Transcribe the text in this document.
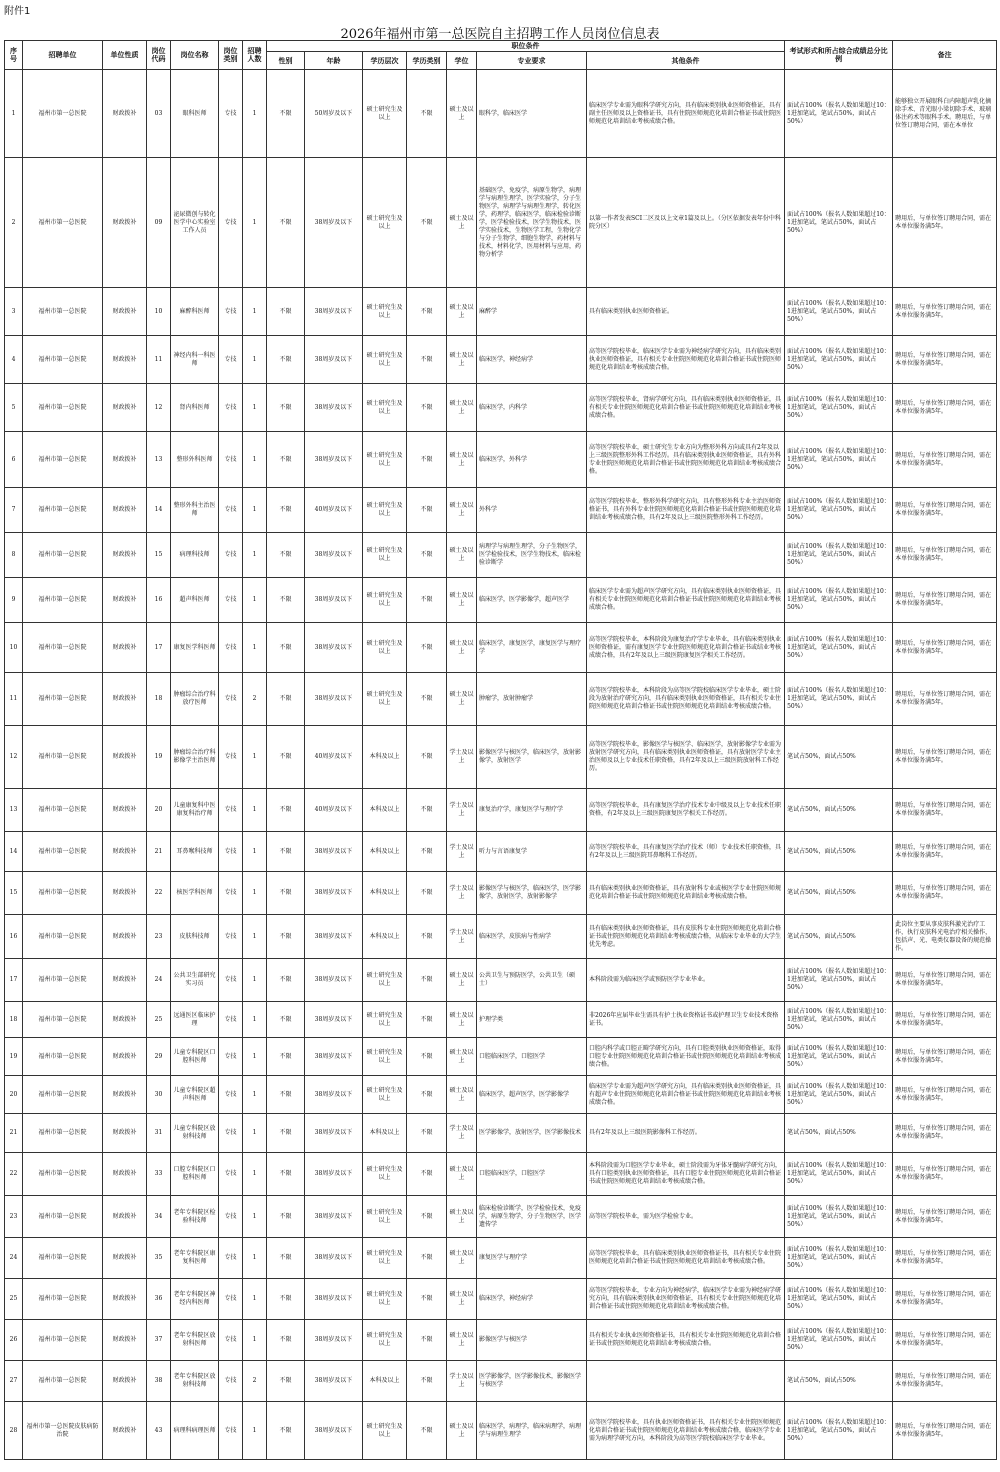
附件1
2026年福州市第一总医院自主招聘工作人员岗位信息表
序号	招聘单位	单位性质	岗位代码	岗位名称	岗位类别	招聘人数	职位条件							考试形式和所占综合成绩总分比例	备注
							性别	年龄	学历层次	学历类别	学位	专业要求	其他条件		
1	福州市第一总医院	财政拨补	03	眼科医师	专技	1	不限	50周岁及以下	硕士研究生及以上	不限	硕士及以上	眼科学，临床医学	临床医学专业需为眼科学研究方向，具有临床类别执业医师资格证，具有副主任医师及以上资格证书，具有住院医师规范化培训合格证书或住院医师规范化培训结业考核成绩合格。	面试占100%（报名人数如果超过10：1进加笔试，笔试占50%，面试占50%）	能够独立开展眼科白内障超声乳化摘除手术、青光眼小梁切除手术、玻璃体注药术等眼科手术。聘用后，与单位签订聘用合同，需在本单位
2	福州市第一总医院	财政拨补	09	泌尿微创与转化医学中心实验室工作人员	专技	1	不限	38周岁及以下	硕士研究生及以上	不限	硕士及以上	基础医学，免疫学，病原生物学，病理学与病理生理学，医学实验学，分子生物医学，病理学与病理生理学，转化医学，药理学，临床医学，临床检验诊断学，医学检验技术，医学生物技术，医学实验技术，生物医学工程，生物化学与分子生物学，细胞生物学，药材料与技术，材料化学，医用材料与应用，药物分析学	以第一作者发表SCI二区及以上文章1篇及以上。（分区依据发表年份中科院分区）	面试占100%（报名人数如果超过10：1进加笔试，笔试占50%，面试占50%）	聘用后，与单位签订聘用合同，需在本单位服务满5年。
3	福州市第一总医院	财政拨补	10	麻醉科医师	专技	1	不限	38周岁及以下	硕士研究生及以上	不限	硕士及以上	麻醉学	具有临床类别执业医师资格证。	面试占100%（报名人数如果超过10：1进加笔试，笔试占50%，面试占50%）	聘用后，与单位签订聘用合同，需在本单位服务满5年。
4	福州市第一总医院	财政拨补	11	神经内科一科医师	专技	1	不限	38周岁及以下	硕士研究生及以上	不限	硕士及以上	临床医学，神经病学	高等医学院校毕业，临床医学专业需为神经病学研究方向，具有临床类别执业医师资格证，具有相关专业住院医师规范化培训合格证书或住院医师规范化培训结业考核成绩合格。	面试占100%（报名人数如果超过10：1进加笔试，笔试占50%，面试占50%）	聘用后，与单位签订聘用合同，需在本单位服务满5年。
5	福州市第一总医院	财政拨补	12	肾内科医师	专技	1	不限	38周岁及以下	硕士研究生及以上	不限	硕士及以上	临床医学，内科学	高等医学院校毕业，肾病学研究方向，具有临床类别执业医师资格证，具有相关专业住院医师规范化培训合格证书或住院医师规范化培训结业考核成绩合格。	面试占100%（报名人数如果超过10：1进加笔试，笔试占50%，面试占50%）	聘用后，与单位签订聘用合同，需在本单位服务满5年。
6	福州市第一总医院	财政拨补	13	整形外科医师	专技	1	不限	38周岁及以下	硕士研究生及以上	不限	硕士及以上	临床医学，外科学	高等医学院校毕业，硕士研究生专业方向为整形外科方向或具有2年及以上三级医院整形外科工作经历。具有临床类别执业医师资格证，具有外科专业住院医师规范化培训合格证书或住院医师规范化培训结业考核成绩合格。	面试占100%（报名人数如果超过10：1进加笔试，笔试占50%，面试占50%）	聘用后，与单位签订聘用合同，需在本单位服务满5年。
7	福州市第一总医院	财政拨补	14	整形外科主治医师	专技	1	不限	40周岁及以下	硕士研究生及以上	不限	硕士及以上	外科学	高等医学院校毕业，整形外科学研究方向，具有整形外科专业主治医师资格证书，具有外科专业住院医师规范化培训合格证书或住院医师规范化培训结业考核成绩合格，具有2年及以上三级医院整形外科工作经历。	面试占100%（报名人数如果超过10：1进加笔试，笔试占50%，面试占50%）	聘用后，与单位签订聘用合同，需在本单位服务满5年。
8	福州市第一总医院	财政拨补	15	病理科技师	专技	1	不限	38周岁及以下	硕士研究生及以上	不限	硕士及以上	病理学与病理生理学，分子生物医学，医学检验技术，医学生物技术，临床检验诊断学		面试占100%（报名人数如果超过10：1进加笔试，笔试占50%，面试占50%）	聘用后，与单位签订聘用合同，需在本单位服务满5年。
9	福州市第一总医院	财政拨补	16	超声科医师	专技	1	不限	38周岁及以下	硕士研究生及以上	不限	硕士及以上	临床医学，医学影像学，超声医学	临床医学专业需为超声医学研究方向，具有临床类别执业医师资格证，具有相关专业住院医师规范化培训合格证书或住院医师规范化培训结业考核成绩合格。	面试占100%（报名人数如果超过10：1进加笔试，笔试占50%，面试占50%）	聘用后，与单位签订聘用合同，需在本单位服务满5年。
10	福州市第一总医院	财政拨补	17	康复医学科医师	专技	1	不限	38周岁及以下	硕士研究生及以上	不限	硕士及以上	临床医学，康复医学，康复医学与理疗学	高等医学院校毕业，本科阶段为康复治疗学专业毕业，具有临床类别执业医师资格证，需有康复医学专业住院医师规范化培训合格证书或结业考核成绩合格，具有2年及以上三级医院康复医学相关工作经历。	面试占100%（报名人数如果超过10：1进加笔试，笔试占50%，面试占50%）	聘用后，与单位签订聘用合同，需在本单位服务满5年。
11	福州市第一总医院	财政拨补	18	肿瘤综合治疗科放疗医师	专技	2	不限	38周岁及以下	硕士研究生及以上	不限	硕士及以上	肿瘤学，放射肿瘤学	高等医学院校毕业，本科阶段为高等医学院校临床医学专业毕业，硕士阶段为放射治疗研究方向，具有临床类别执业医师资格证，具有相关专业住院医师规范化培训合格证书或住院医师规范化培训结业考核成绩合格。	面试占100%（报名人数如果超过10：1进加笔试，笔试占50%，面试占50%）	聘用后，与单位签订聘用合同，需在本单位服务满5年。
12	福州市第一总医院	财政拨补	19	肿瘤综合治疗科影像学主治医师	专技	1	不限	40周岁及以下	本科及以上	不限	学士及以上	影像医学与核医学，临床医学，放射影像学，放射医学	高等医学院校毕业，影像医学与核医学、临床医学，放射影像学专业需为放射医学研究方向，具有临床类别执业医师资格证，具有放射医学专业主治医师及以上专业技术任职资格，具有2年及以上三级医院放射科工作经历。	笔试占50%，面试占50%	聘用后，与单位签订聘用合同，需在本单位服务满5年。
13	福州市第一总医院	财政拨补	20	儿童康复科中医康复科治疗师	专技	1	不限	40周岁及以下	本科及以上	不限	学士及以上	康复治疗学，康复医学与理疗学	高等医学院校毕业，具有康复医学治疗技术专业中级及以上专业技术任职资格，有2年及以上三级医院康复医学相关工作经历。	笔试占50%，面试占50%	聘用后，与单位签订聘用合同，需在本单位服务满5年。
14	福州市第一总医院	财政拨补	21	耳鼻喉科技师	专技	1	不限	38周岁及以下	本科及以上	不限	学士及以上	听力与言语康复学	高等医学院校毕业，具有康复医学治疗技术（师）专业技术任职资格，具有2年及以上三级医院耳鼻喉科工作经历。	笔试占50%，面试占50%	聘用后，与单位签订聘用合同，需在本单位服务满5年。
15	福州市第一总医院	财政拨补	22	核医学科医师	专技	1	不限	38周岁及以下	本科及以上	不限	学士及以上	影像医学与核医学，临床医学，医学影像学，放射医学，放射影像学	具有临床类别执业医师资格证，具有放射科专业或核医学专业住院医师规范化培训合格证书或住院医师规范化培训结业考核成绩合格。	笔试占50%，面试占50%	聘用后，与单位签订聘用合同，需在本单位服务满5年。
16	福州市第一总医院	财政拨补	23	皮肤科技师	专技	1	不限	38周岁及以下	本科及以上	不限	学士及以上	临床医学，皮肤病与性病学	具有临床类别执业医师资格证，具有皮肤科专业住院医师规范化培训合格证书或住院医师规范化培训结业考核成绩合格，从临床专业毕业的大学生优先考虑。	笔试占50%，面试占50%	此岗位主要从事皮肤科激光治疗工作，执行皮肤科光电治疗相关操作，包括声、光、电类仪器设备的规范操作。
17	福州市第一总医院	财政拨补	24	公共卫生部研究实习员	专技	1	不限	38周岁及以下	硕士研究生及以上	不限	硕士及以上	公共卫生与预防医学，公共卫生（硕士）	本科阶段需为临床医学或预防医学专业毕业。	面试占100%（报名人数如果超过10：1进加笔试，笔试占50%，面试占50%）	聘用后，与单位签订聘用合同，需在本单位服务满5年。
18	福州市第一总医院	财政拨补	25	远通医区临床护理	专技	1	不限	38周岁及以下	硕士研究生及以上	不限	硕士及以上	护理学类	非2026年应届毕业生需具有护士执业资格证书或护理卫生专业技术资格证书。	面试占100%（报名人数如果超过10：1进加笔试，笔试占50%，面试占50%）	聘用后，与单位签订聘用合同，需在本单位服务满5年。
19	福州市第一总医院	财政拨补	29	儿童专科院区口腔科医师	专技	1	不限	38周岁及以下	硕士研究生及以上	不限	硕士及以上	口腔临床医学，口腔医学	口腔内科学或口腔正畸学研究方向，具有口腔类别执业医师资格证，取得口腔专业住院医师规范化培训合格证书或住院医师规范化培训结业考核成绩合格。	面试占100%（报名人数如果超过10：1进加笔试，笔试占50%，面试占50%）	聘用后，与单位签订聘用合同，需在本单位服务满5年。
20	福州市第一总医院	财政拨补	30	儿童专科院区超声科医师	专技	1	不限	38周岁及以下	硕士研究生及以上	不限	硕士及以上	临床医学，超声医学，医学影像学	临床医学专业需为超声医学研究方向，具有临床类别执业医师资格证，具有超声专业住院医师规范化培训合格证书或住院医师规范化培训结业考核成绩合格。	面试占100%（报名人数如果超过10：1进加笔试，笔试占50%，面试占50%）	聘用后，与单位签订聘用合同，需在本单位服务满5年。
21	福州市第一总医院	财政拨补	31	儿童专科院区放射科技师	专技	1	不限	38周岁及以下	本科及以上	不限	学士及以上	医学影像学，放射医学，医学影像技术	具有2年及以上三级医院影像科工作经历。	笔试占50%，面试占50%	聘用后，与单位签订聘用合同，需在本单位服务满5年。
22	福州市第一总医院	财政拨补	33	口腔专科院区口腔科医师	专技	1	不限	38周岁及以下	硕士研究生及以上	不限	硕士及以上	口腔临床医学，口腔医学	本科阶段需为口腔医学专业毕业，硕士阶段需为牙体牙髓病学研究方向，具有口腔类别执业医师资格证，具有口腔专业住院医师规范化培训合格证书或住院医师规范化培训结业考核成绩合格。	面试占100%（报名人数如果超过10：1进加笔试，笔试占50%，面试占50%）	聘用后，与单位签订聘用合同，需在本单位服务满5年。
23	福州市第一总医院	财政拨补	34	老年专科院区检验科技师	专技	1	不限	38周岁及以下	硕士研究生及以上	不限	硕士及以上	临床检验诊断学，医学检验技术，免疫学，病原生物学，分子生物医学，医学遗传学	高等医学院校毕业，需为医学检验专业。	面试占100%（报名人数如果超过10：1进加笔试，笔试占50%，面试占50%）	聘用后，与单位签订聘用合同，需在本单位服务满5年。
24	福州市第一总医院	财政拨补	35	老年专科院区康复科医师	专技	1	不限	38周岁及以下	硕士研究生及以上	不限	硕士及以上	康复医学与理疗学	高等医学院校毕业，具有临床类别执业医师资格证书，具有相关专业住院医师规范化培训合格证书或住院医师规范化培训结业考核成绩合格。	面试占100%（报名人数如果超过10：1进加笔试，笔试占50%，面试占50%）	聘用后，与单位签订聘用合同，需在本单位服务满5年。
25	福州市第一总医院	财政拨补	36	老年专科院区神经内科医师	专技	1	不限	38周岁及以下	硕士研究生及以上	不限	硕士及以上	临床医学，神经病学	高等医学院校毕业，专业方向为神经病学，临床医学专业需为神经病学研究方向，具有临床类别执业医师资格证，具有相关专业住院医师规范化培训合格证书或住院医师规范化培训结业考核成绩合格。	面试占100%（报名人数如果超过10：1进加笔试，笔试占50%，面试占50%）	聘用后，与单位签订聘用合同，需在本单位服务满5年。
26	福州市第一总医院	财政拨补	37	老年专科院区放射科医师	专技	1	不限	38周岁及以下	硕士研究生及以上	不限	硕士及以上	影像医学与核医学	具有相关专业执业医师资格证书，具有相关专业住院医师规范化培训合格证书或住院医师规范化培训结业考核成绩合格。	面试占100%（报名人数如果超过10：1进加笔试，笔试占50%，面试占50%）	聘用后，与单位签订聘用合同，需在本单位服务满5年。
27	福州市第一总医院	财政拨补	38	老年专科院区放射科技师	专技	2	不限	38周岁及以下	本科及以上	不限	学士及以上	医学影像学，医学影像技术，影像医学与核医学		笔试占50%，面试占50%	聘用后，与单位签订聘用合同，需在本单位服务满5年。
28	福州市第一总医院皮肤病防治院	财政拨补	43	病理科病理医师	专技	1	不限	38周岁及以下	硕士研究生及以上	不限	硕士及以上	临床医学，病理学，临床病理学，病理学与病理生理学	高等医学院校毕业，具有执业医师资格证书，具有相关专业住院医师规范化培训合格证书或住院医师规范化培训结业考核成绩合格，临床医学专业需为病理学研究方向，本科阶段为高等医学院校临床医学专业毕业。	面试占100%（报名人数如果超过10：1进加笔试，笔试占50%，面试占50%）	聘用后，与单位签订聘用合同，需在本单位服务满5年。
